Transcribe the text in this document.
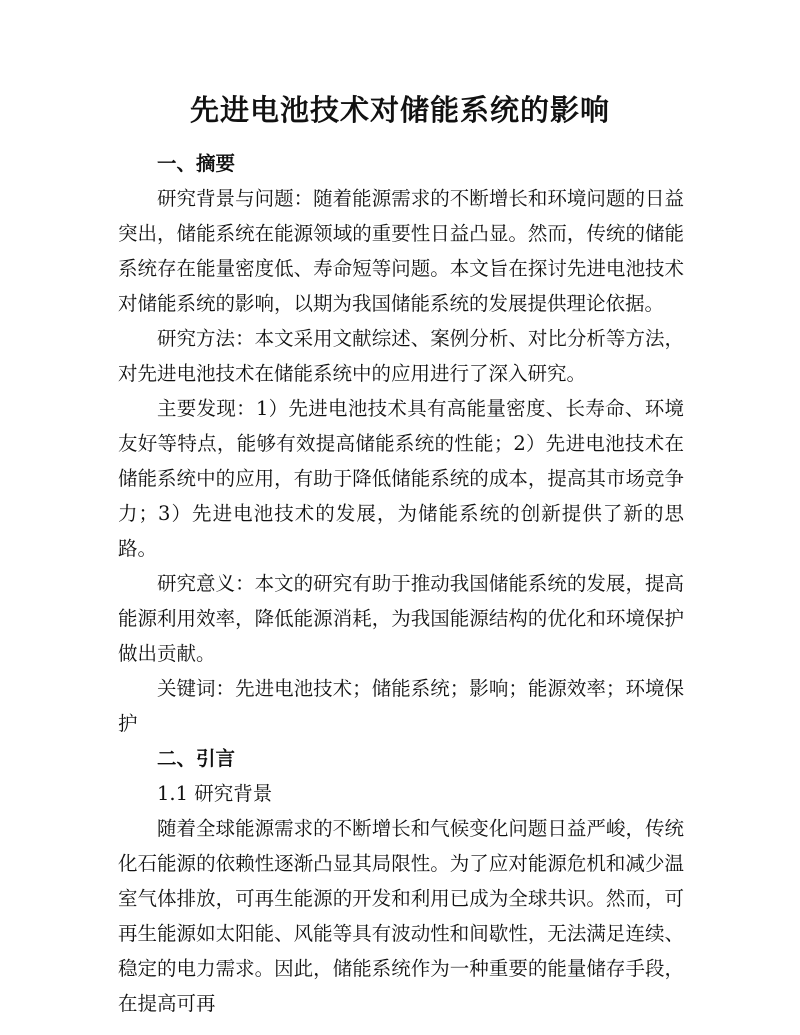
先进电池技术对储能系统的影响
一、摘要

研究背景与问题：随着能源需求的不断增长和环境问题的日益突出，储能系统在能源领域的重要性日益凸显。然而，传统的储能系统存在能量密度低、寿命短等问题。本文旨在探讨先进电池技术对储能系统的影响，以期为我国储能系统的发展提供理论依据。

研究方法：本文采用文献综述、案例分析、对比分析等方法，对先进电池技术在储能系统中的应用进行了深入研究。

主要发现：1）先进电池技术具有高能量密度、长寿命、环境友好等特点，能够有效提高储能系统的性能；2）先进电池技术在储能系统中的应用，有助于降低储能系统的成本，提高其市场竞争力；3）先进电池技术的发展，为储能系统的创新提供了新的思路。

研究意义：本文的研究有助于推动我国储能系统的发展，提高能源利用效率，降低能源消耗，为我国能源结构的优化和环境保护做出贡献。

关键词：先进电池技术；储能系统；影响；能源效率；环境保护

二、引言
1.1 研究背景

随着全球能源需求的不断增长和气候变化问题日益严峻，传统化石能源的依赖性逐渐凸显其局限性。为了应对能源危机和减少温室气体排放，可再生能源的开发和利用已成为全球共识。然而，可再生能源如太阳能、风能等具有波动性和间歇性，无法满足连续、稳定的电力需求。因此，储能系统作为一种重要的能量储存手段，在提高可再
